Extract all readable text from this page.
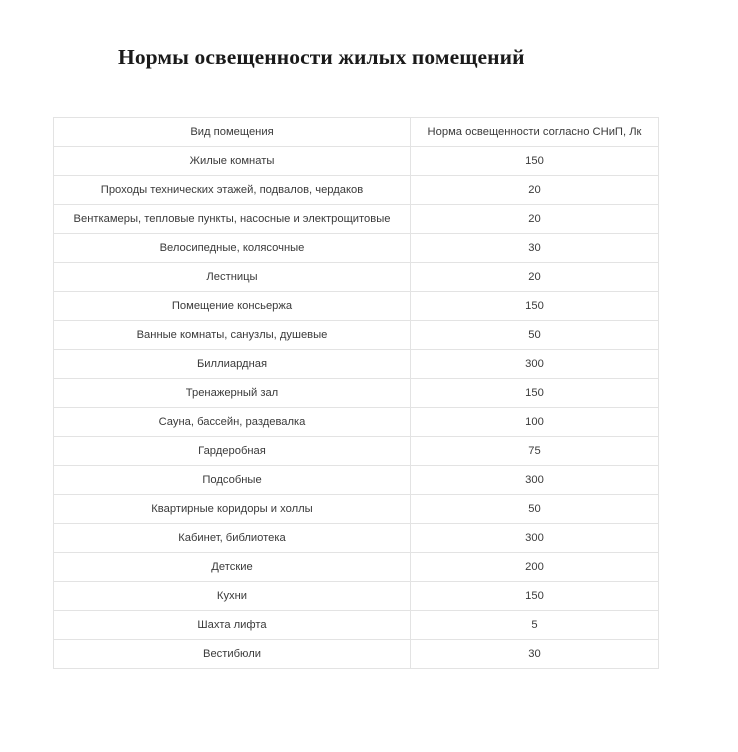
Нормы освещенности жилых помещений
Вид помещения	Норма освещенности согласно СНиП, Лк
Жилые комнаты	150
Проходы технических этажей, подвалов, чердаков	20
Венткамеры, тепловые пункты, насосные и электрощитовые	20
Велосипедные, колясочные	30
Лестницы	20
Помещение консьержа	150
Ванные комнаты, санузлы, душевые	50
Биллиардная	300
Тренажерный зал	150
Сауна, бассейн, раздевалка	100
Гардеробная	75
Подсобные	300
Квартирные коридоры и холлы	50
Кабинет, библиотека	300
Детские	200
Кухни	150
Шахта лифта	5
Вестибюли	30
